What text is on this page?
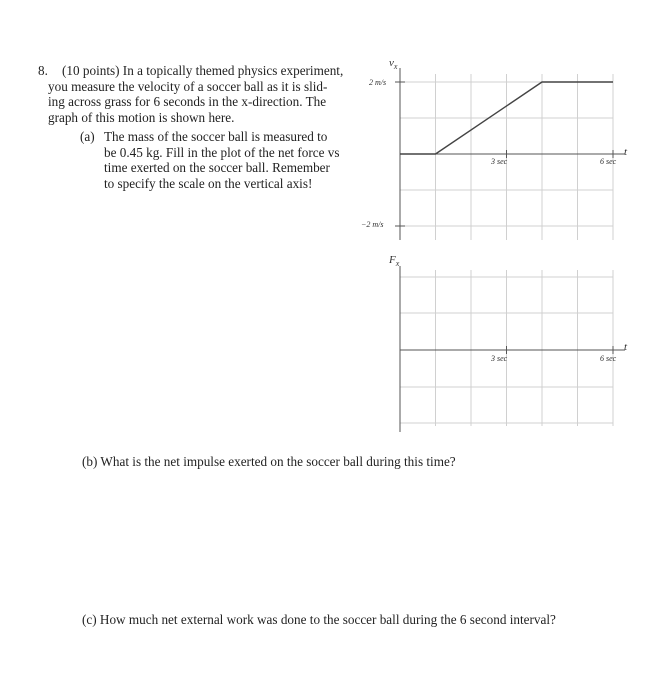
8. (10 points) In a topically themed physics experiment,
you measure the velocity of a soccer ball as it is slid-
ing across grass for 6 seconds in the x-direction. The
graph of this motion is shown here.
(a) The mass of the soccer ball is measured to
be 0.45 kg. Fill in the plot of the net force vs
time exerted on the soccer ball. Remember
to specify the scale on the vertical axis!
(b) What is the net impulse exerted on the soccer ball during this time?
(c) How much net external work was done to the soccer ball during the 6 second interval?
$v_x$
2 m/s
−2 m/s
3 sec	6 sec
t
$F_x$
3 sec	6 sec
t
